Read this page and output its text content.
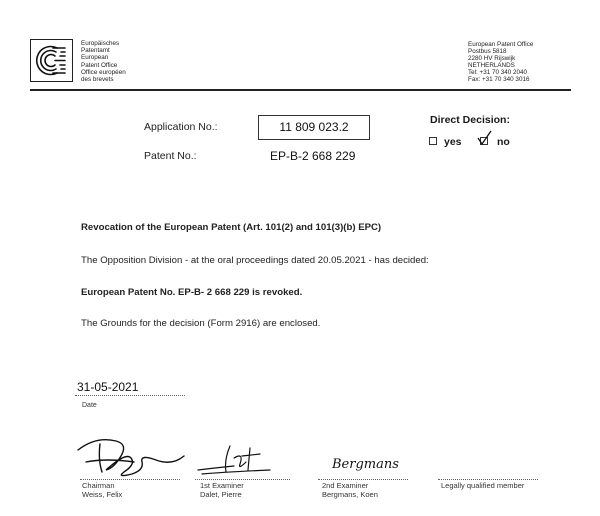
Europäisches
Patentamt
European
Patent Office
Office européen
des brevets
European Patent Office
Postbus 5818
2280 HV Rijswijk
NETHERLANDS
Tel: +31 70 340 2040
Fax: +31 70 340 3016
Application No.:	11 809 023.2
Patent No.:	EP-B-2 668 229
Direct Decision:
yes	no
Revocation of the European Patent (Art. 101(2) and 101(3)(b) EPC)
The Opposition Division - at the oral proceedings dated 20.05.2021 - has decided:
European Patent No. EP-B- 2 668 229 is revoked.
The Grounds for the decision (Form 2916) are enclosed.
31-05-2021
Date
Bergmans
Chairman
Weiss, Felix
1st Examiner
Dalet, Pierre
2nd Examiner
Bergmans, Koen
Legally qualified member
